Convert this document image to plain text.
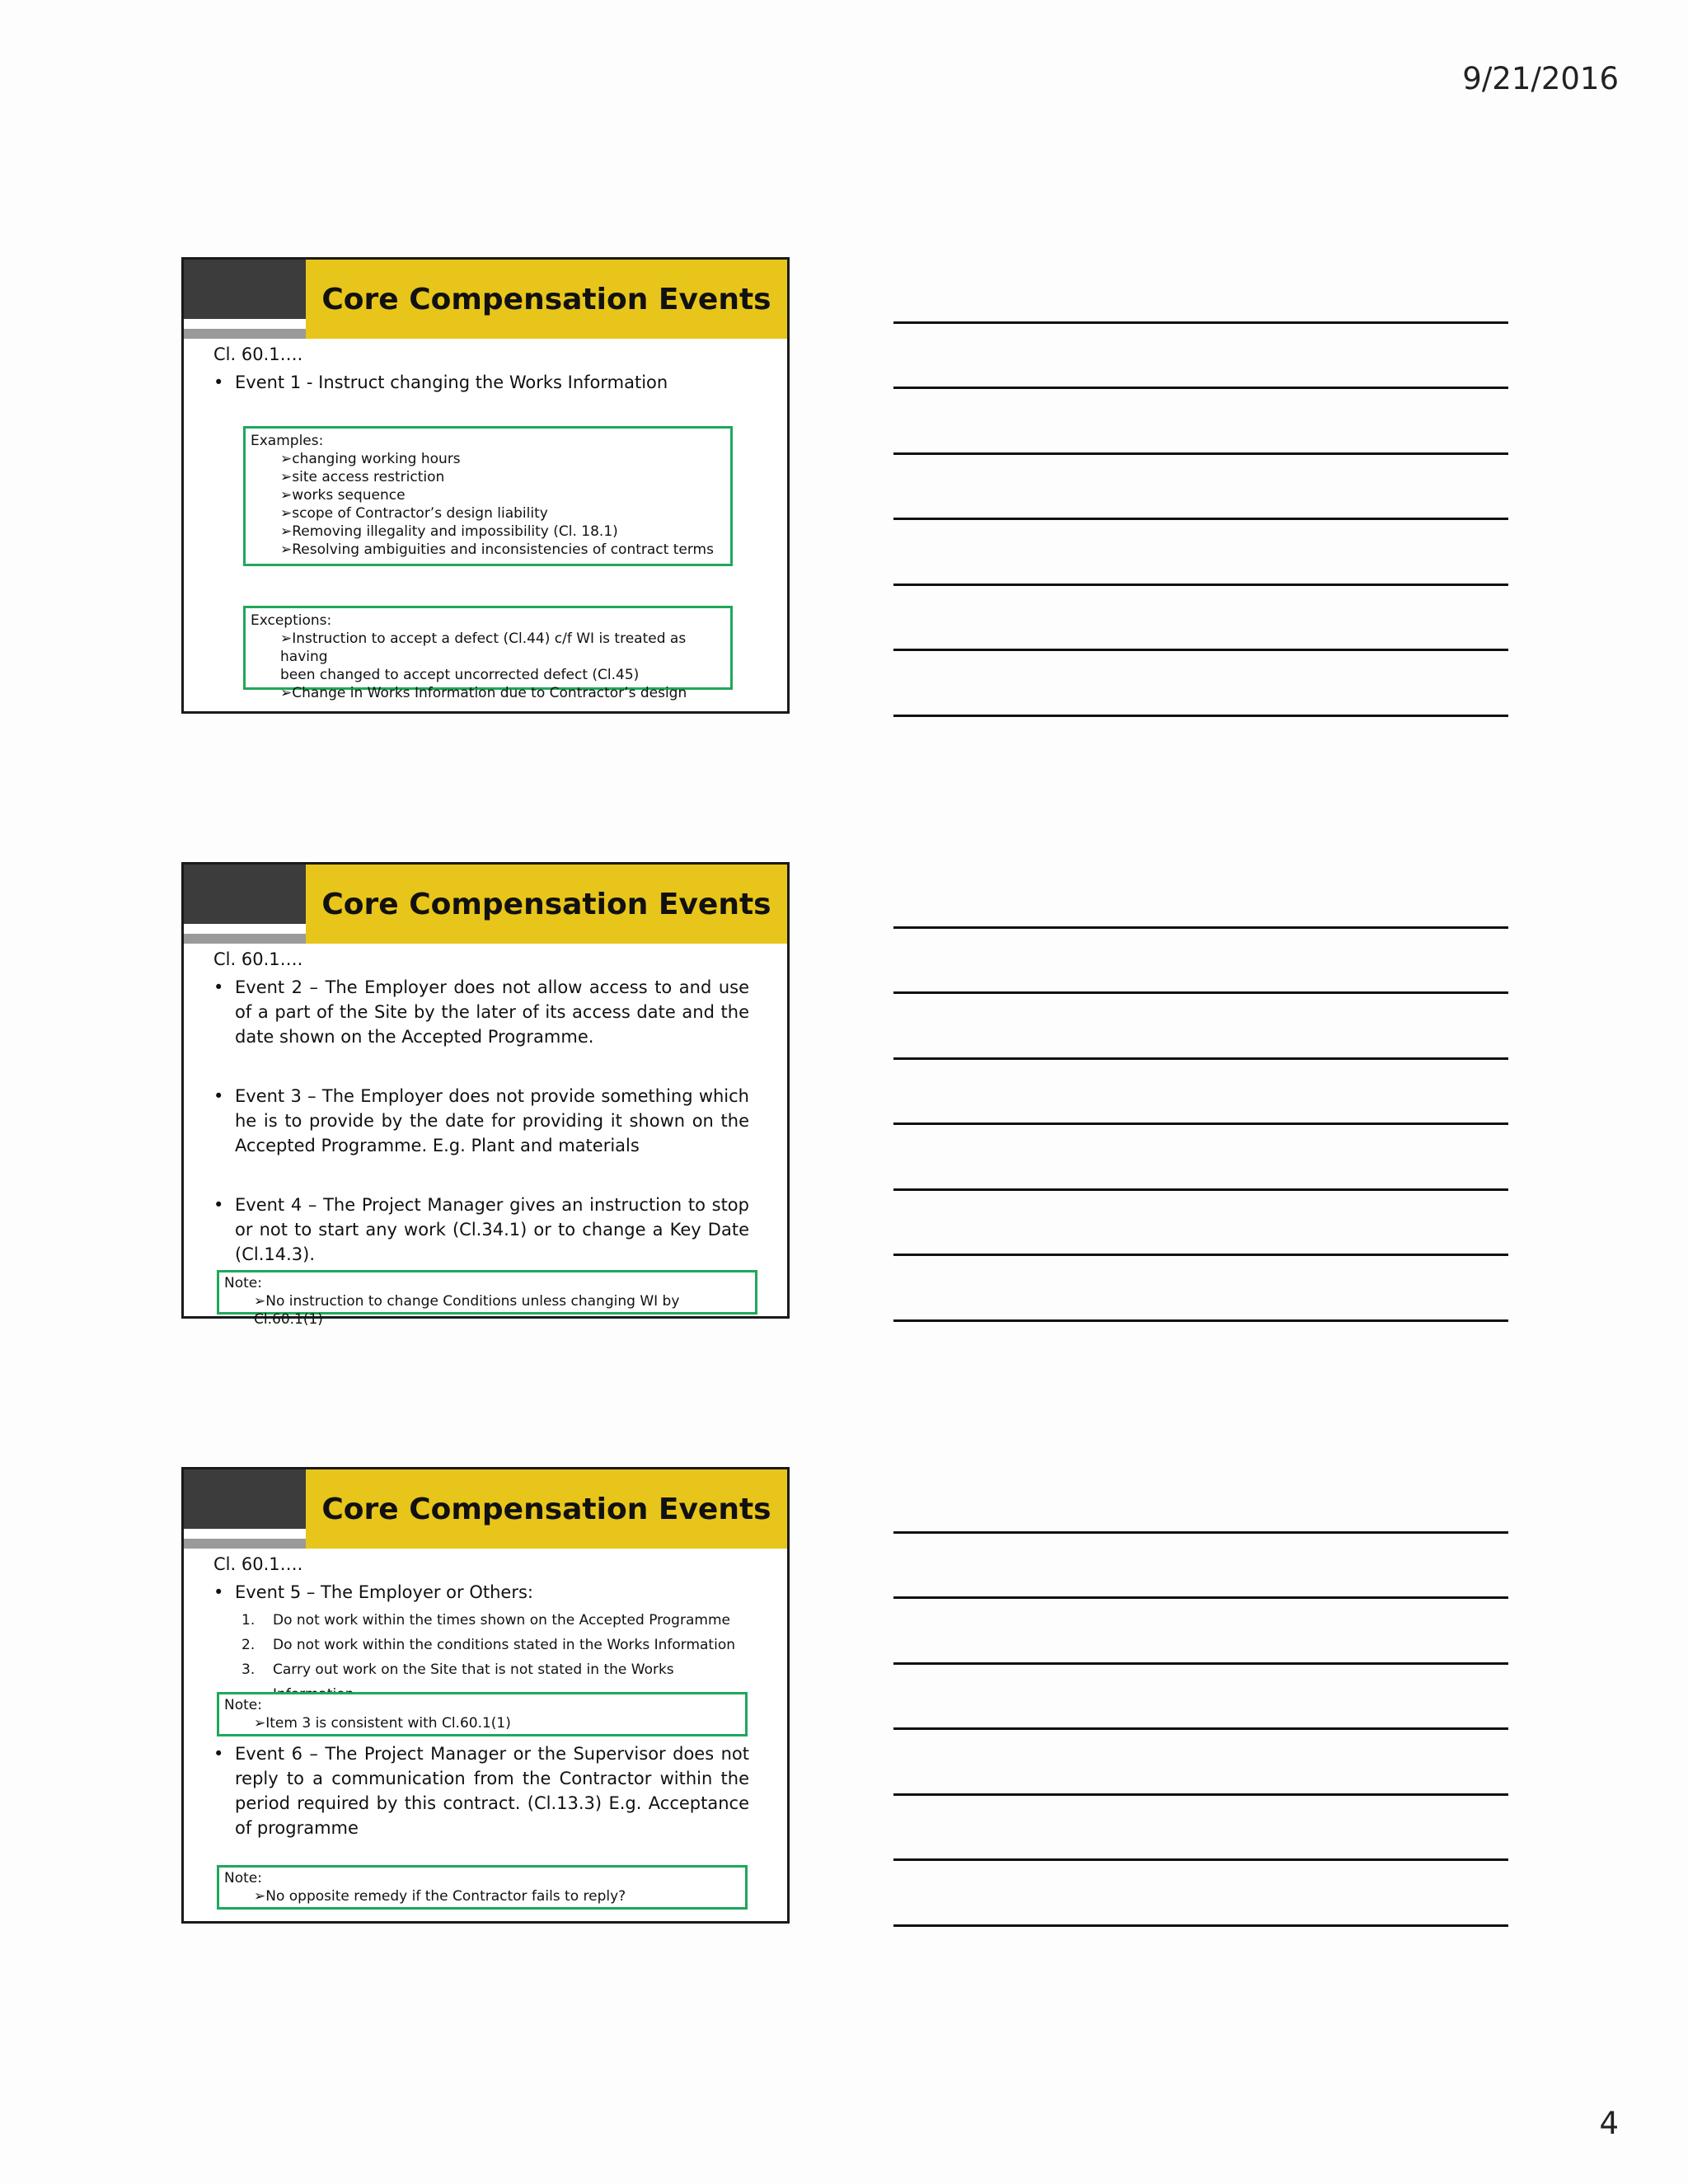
9/21/2016
Core Compensation Events
Cl. 60.1….
• Event 1 - Instruct changing the Works Information
Examples:
➢changing working hours
➢site access restriction
➢works sequence
➢scope of Contractor’s design liability
➢Removing illegality and impossibility (Cl. 18.1)
➢Resolving ambiguities and inconsistencies of contract terms
Exceptions:
➢Instruction to accept a defect (Cl.44) c/f WI is treated as having
been changed to accept uncorrected defect (Cl.45)
➢Change in Works Information due to Contractor’s design
Core Compensation Events
Cl. 60.1….
• Event 2 – The Employer does not allow access to and use of a part of the Site by the later of its access date and the date shown on the Accepted Programme.
• Event 3 – The Employer does not provide something which he is to provide by the date for providing it shown on the Accepted Programme. E.g. Plant and materials
• Event 4 – The Project Manager gives an instruction to stop or not to start any work (Cl.34.1) or to change a Key Date (Cl.14.3).
Note:
➢No instruction to change Conditions unless changing WI by Cl.60.1(1)
Core Compensation Events
Cl. 60.1….
• Event 5 – The Employer or Others:
1. Do not work within the times shown on the Accepted Programme
2. Do not work within the conditions stated in the Works Information
3. Carry out work on the Site that is not stated in the Works
Note:
➢Item 3 is consistent with Cl.60.1(1)
• Event 6 – The Project Manager or the Supervisor does not reply to a communication from the Contractor within the period required by this contract. (Cl.13.3) E.g. Acceptance of programme
Note:
➢No opposite remedy if the Contractor fails to reply?
4
